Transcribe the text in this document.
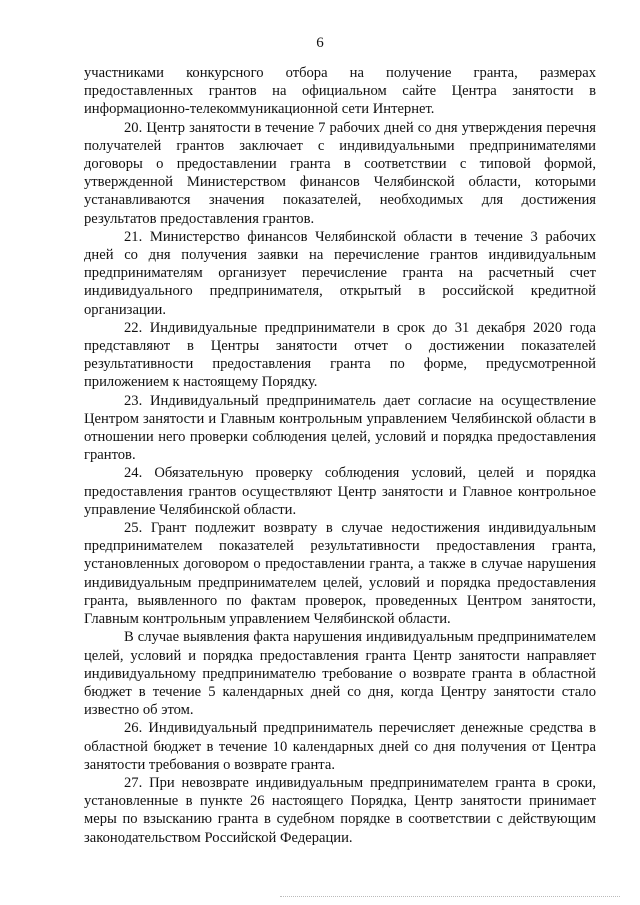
6

участниками конкурсного отбора на получение гранта, размерах предоставленных грантов на официальном сайте Центра занятости в информационно-телекоммуникационной сети Интернет.

20. Центр занятости в течение 7 рабочих дней со дня утверждения перечня получателей грантов заключает с индивидуальными предпринимателями договоры о предоставлении гранта в соответствии с типовой формой, утвержденной Министерством финансов Челябинской области, которыми устанавливаются значения показателей, необходимых для достижения результатов предоставления грантов.

21. Министерство финансов Челябинской области в течение 3 рабочих дней со дня получения заявки на перечисление грантов индивидуальным предпринимателям организует перечисление гранта на расчетный счет индивидуального предпринимателя, открытый в российской кредитной организации.

22. Индивидуальные предприниматели в срок до 31 декабря 2020 года представляют в Центры занятости отчет о достижении показателей результативности предоставления гранта по форме, предусмотренной приложением к настоящему Порядку.

23. Индивидуальный предприниматель дает согласие на осуществление Центром занятости и Главным контрольным управлением Челябинской области в отношении него проверки соблюдения целей, условий и порядка предоставления грантов.

24. Обязательную проверку соблюдения условий, целей и порядка предоставления грантов осуществляют Центр занятости и Главное контрольное управление Челябинской области.

25. Грант подлежит возврату в случае недостижения индивидуальным предпринимателем показателей результативности предоставления гранта, установленных договором о предоставлении гранта, а также в случае нарушения индивидуальным предпринимателем целей, условий и порядка предоставления гранта, выявленного по фактам проверок, проведенных Центром занятости, Главным контрольным управлением Челябинской области.

В случае выявления факта нарушения индивидуальным предпринимателем целей, условий и порядка предоставления гранта Центр занятости направляет индивидуальному предпринимателю требование о возврате гранта в областной бюджет в течение 5 календарных дней со дня, когда Центру занятости стало известно об этом.

26. Индивидуальный предприниматель перечисляет денежные средства в областной бюджет в течение 10 календарных дней со дня получения от Центра занятости требования о возврате гранта.

27. При невозврате индивидуальным предпринимателем гранта в сроки, установленные в пункте 26 настоящего Порядка, Центр занятости принимает меры по взысканию гранта в судебном порядке в соответствии с действующим законодательством Российской Федерации.
